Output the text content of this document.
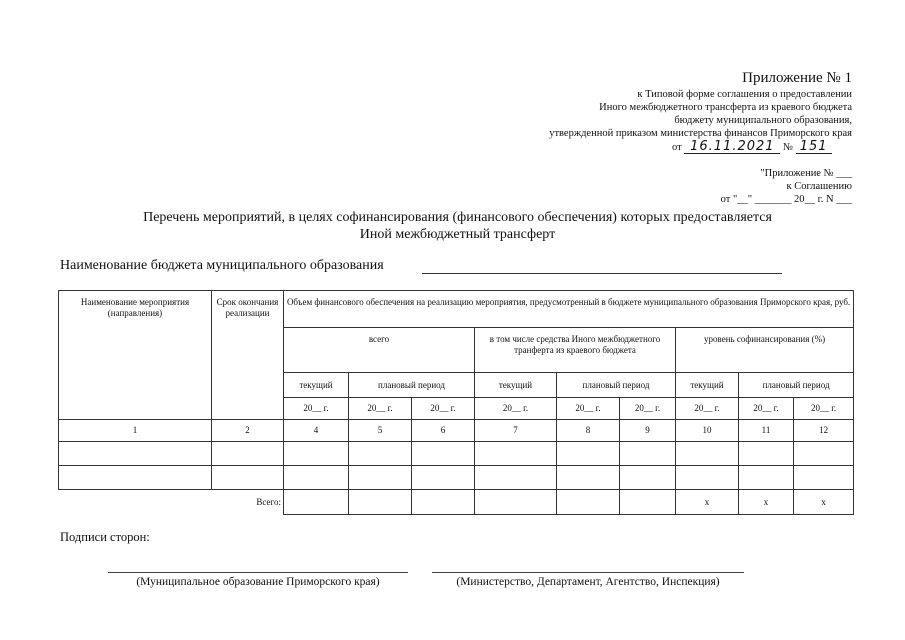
Приложение № 1
к Типовой форме соглашения о предоставлении
Иного межбюджетного трансферта из краевого бюджета
бюджету муниципального образования,
утвержденной приказом министерства финансов Приморского края
от 16.11.2021 № 151
"Приложение № ___
к Соглашению
от "__" _______ 20__ г. N ___
Перечень мероприятий, в целях софинансирования (финансового обеспечения) которых предоставляется
Иной межбюджетный трансферт
Наименование бюджета муниципального образования
Наименование мероприятия (направления)	Срок окончания реализации	Объем финансового обеспечения на реализацию мероприятия, предусмотренный в бюджете муниципального образования Приморского края, руб.								
		всего			в том числе средства Иного межбюджетного транферта из краевого бюджета			уровень софинансирования (%)		
		текущий	плановый период		текущий	плановый период		текущий	плановый период	
		20__ г.	20__ г.	20__ г.	20__ г.	20__ г.	20__ г.	20__ г.	20__ г.	20__ г.
1	2	4	5	6	7	8	9	10	11	12

Всего:								х	х	х
Подписи сторон:
(Муниципальное образование Приморского края)	(Министерство, Департамент, Агентство, Инспекция)
